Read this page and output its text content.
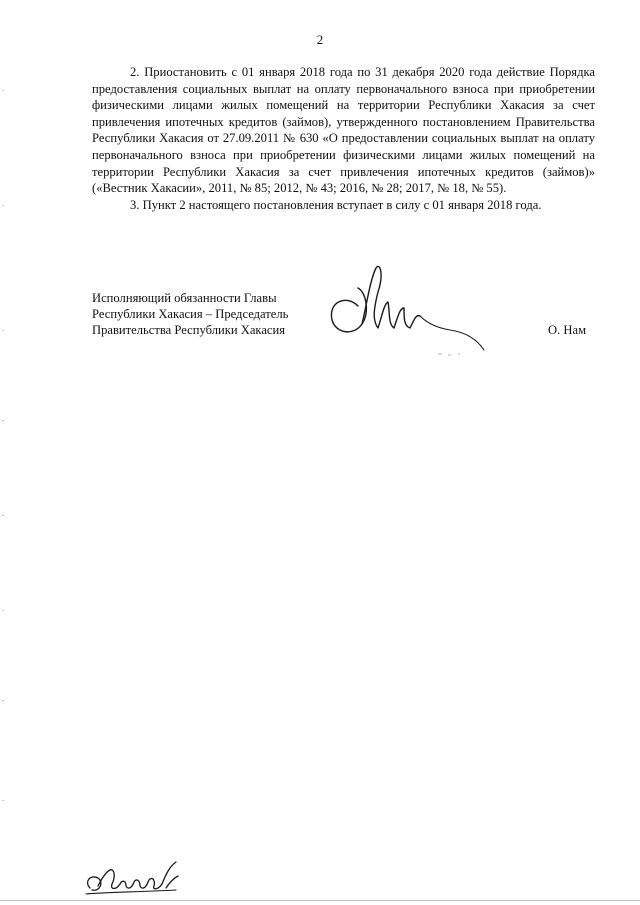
2

2. Приостановить с 01 января 2018 года по 31 декабря 2020 года действие Порядка предоставления социальных выплат на оплату первоначального взноса при приобретении физическими лицами жилых помещений на территории Республики Хакасия за счет привлечения ипотечных кредитов (займов), утвержденного постановлением Правительства Республики Хакасия от 27.09.2011 № 630 «О предоставлении социальных выплат на оплату первоначального взноса при приобретении физическими лицами жилых помещений на территории Республики Хакасия за счет привлечения ипотечных кредитов (займов)» («Вестник Хакасии», 2011, № 85; 2012, № 43; 2016, № 28; 2017, № 18, № 55).

3. Пункт 2 настоящего постановления вступает в силу с 01 января 2018 года.

Исполняющий обязанности Главы
Республики Хакасия – Председатель
Правительства Республики Хакасия	О. Нам
